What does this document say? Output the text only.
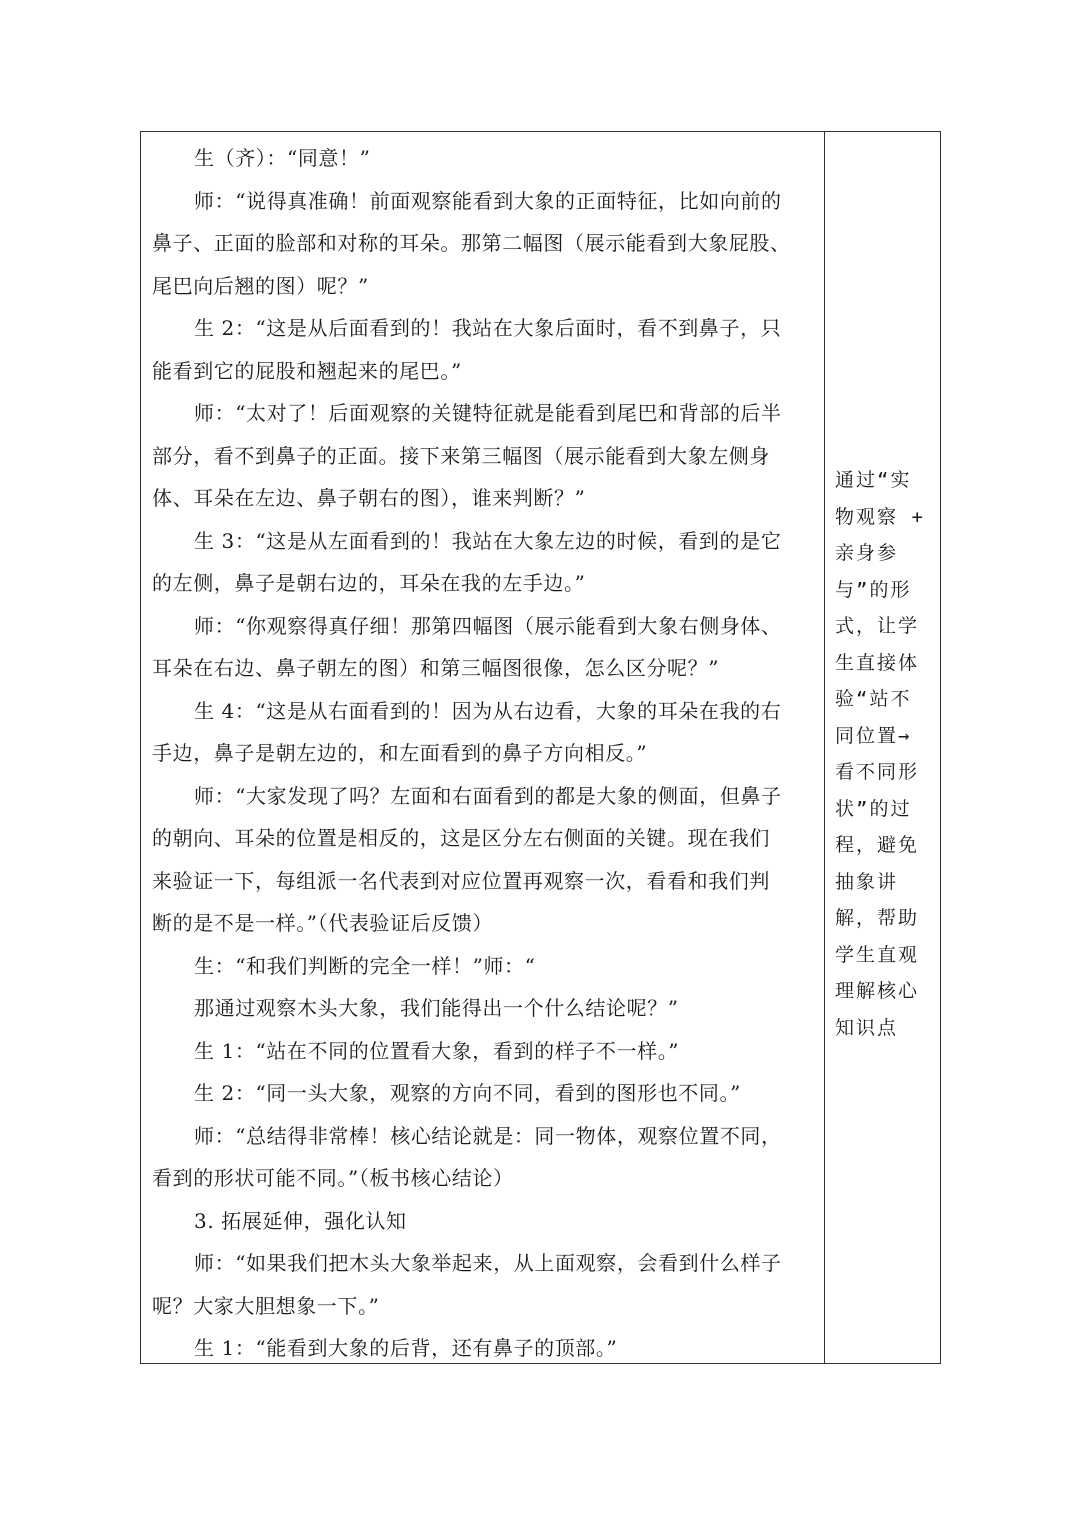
生（齐）：“同意！”
师：“说得真准确！前面观察能看到大象的正面特征，比如向前的
鼻子、正面的脸部和对称的耳朵。那第二幅图（展示能看到大象屁股、
尾巴向后翘的图）呢？”
生 2：“这是从后面看到的！我站在大象后面时，看不到鼻子，只
能看到它的屁股和翘起来的尾巴。”
师：“太对了！后面观察的关键特征就是能看到尾巴和背部的后半
部分，看不到鼻子的正面。接下来第三幅图（展示能看到大象左侧身
体、耳朵在左边、鼻子朝右的图），谁来判断？”
生 3：“这是从左面看到的！我站在大象左边的时候，看到的是它
的左侧，鼻子是朝右边的，耳朵在我的左手边。”
师：“你观察得真仔细！那第四幅图（展示能看到大象右侧身体、
耳朵在右边、鼻子朝左的图）和第三幅图很像，怎么区分呢？”
生 4：“这是从右面看到的！因为从右边看，大象的耳朵在我的右
手边，鼻子是朝左边的，和左面看到的鼻子方向相反。”
师：“大家发现了吗？左面和右面看到的都是大象的侧面，但鼻子
的朝向、耳朵的位置是相反的，这是区分左右侧面的关键。现在我们
来验证一下，每组派一名代表到对应位置再观察一次，看看和我们判
断的是不是一样。”（代表验证后反馈）
生：“和我们判断的完全一样！”师：“
那通过观察木头大象，我们能得出一个什么结论呢？”
生 1：“站在不同的位置看大象，看到的样子不一样。”
生 2：“同一头大象，观察的方向不同，看到的图形也不同。”
师：“总结得非常棒！核心结论就是：同一物体，观察位置不同，
看到的形状可能不同。”（板书核心结论）
3. 拓展延伸，强化认知
师：“如果我们把木头大象举起来，从上面观察，会看到什么样子
呢？大家大胆想象一下。”
生 1：“能看到大象的后背，还有鼻子的顶部。”
通过“实
物观察 +
亲身参
与”的形
式，让学
生直接体
验“站不
同位置→
看不同形
状”的过
程，避免
抽象讲
解，帮助
学生直观
理解核心
知识点
